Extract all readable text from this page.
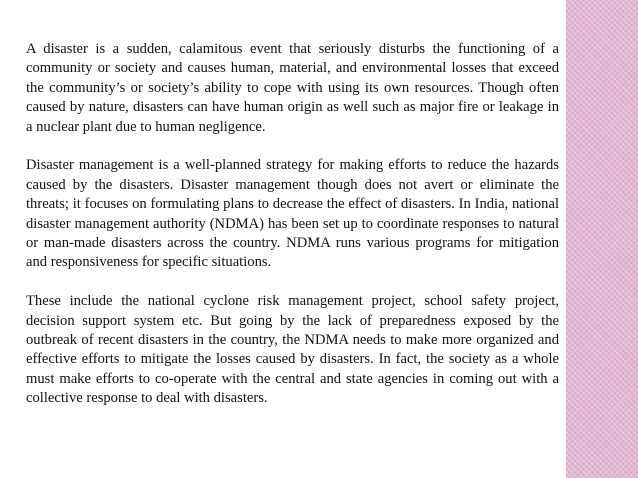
A disaster is a sudden, calamitous event that seriously disturbs the functioning of a community or society and causes human, material, and environmental losses that exceed the community’s or society’s ability to cope with using its own resources. Though often caused by nature, disasters can have human origin as well such as major fire or leakage in a nuclear plant due to human negligence.

Disaster management is a well-planned strategy for making efforts to reduce the hazards caused by the disasters. Disaster management though does not avert or eliminate the threats; it focuses on formulating plans to decrease the effect of disasters. In India, national disaster management authority (NDMA) has been set up to coordinate responses to natural or man-made disasters across the country. NDMA runs various programs for mitigation and responsiveness for specific situations.

These include the national cyclone risk management project, school safety project, decision support system etc. But going by the lack of preparedness exposed by the outbreak of recent disasters in the country, the NDMA needs to make more organized and effective efforts to mitigate the losses caused by disasters. In fact, the society as a whole must make efforts to co-operate with the central and state agencies in coming out with a collective response to deal with disasters.
